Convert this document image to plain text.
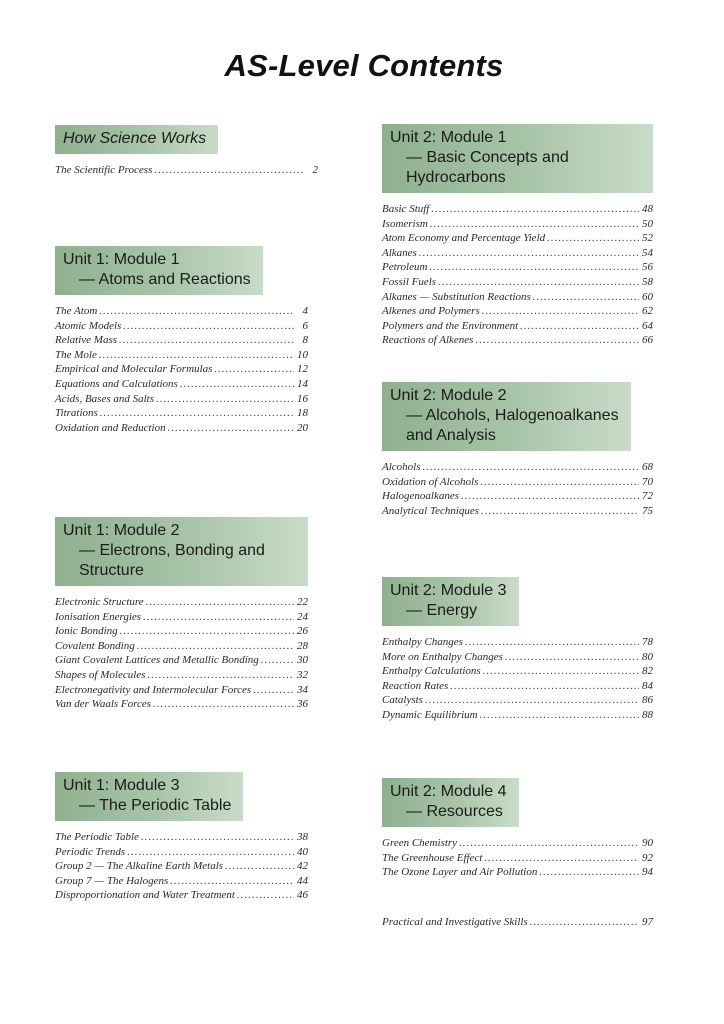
AS-Level Contents
How Science Works
The Scientific Process .....	2
Unit 1: Module 1
— Atoms and Reactions
The Atom .....	4
Atomic Models .....	6
Relative Mass .....	8
The Mole .....	10
Empirical and Molecular Formulas .....	12
Equations and Calculations .....	14
Acids, Bases and Salts .....	16
Titrations .....	18
Oxidation and Reduction .....	20
Unit 1: Module 2
— Electrons, Bonding and Structure
Electronic Structure .....	22
Ionisation Energies .....	24
Ionic Bonding .....	26
Covalent Bonding .....	28
Giant Covalent Lattices and Metallic Bonding .....	30
Shapes of Molecules .....	32
Electronegativity and Intermolecular Forces .....	34
Van der Waals Forces .....	36
Unit 1: Module 3
— The Periodic Table
The Periodic Table .....	38
Periodic Trends .....	40
Group 2 — The Alkaline Earth Metals .....	42
Group 7 — The Halogens .....	44
Disproportionation and Water Treatment .....	46
Unit 2: Module 1
— Basic Concepts and Hydrocarbons
Basic Stuff .....	48
Isomerism .....	50
Atom Economy and Percentage Yield .....	52
Alkanes .....	54
Petroleum .....	56
Fossil Fuels .....	58
Alkanes — Substitution Reactions .....	60
Alkenes and Polymers .....	62
Polymers and the Environment .....	64
Reactions of Alkenes .....	66
Unit 2: Module 2
— Alcohols, Halogenoalkanes
and Analysis
Alcohols .....	68
Oxidation of Alcohols .....	70
Halogenoalkanes .....	72
Analytical Techniques .....	75
Unit 2: Module 3
— Energy
Enthalpy Changes .....	78
More on Enthalpy Changes .....	80
Enthalpy Calculations .....	82
Reaction Rates .....	84
Catalysts .....	86
Dynamic Equilibrium .....	88
Unit 2: Module 4
— Resources
Green Chemistry .....	90
The Greenhouse Effect .....	92
The Ozone Layer and Air Pollution .....	94
Practical and Investigative Skills .....	97
